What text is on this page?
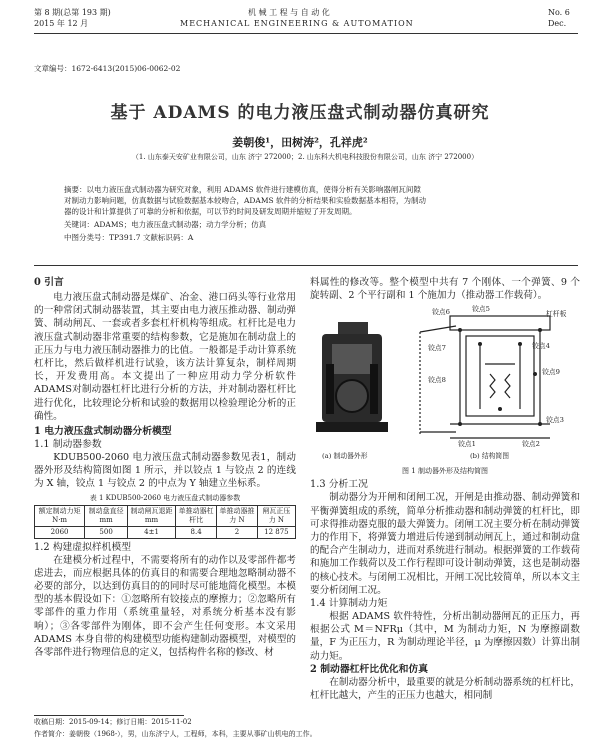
第 8 期(总第 193 期)
2015 年 12 月
机 械 工 程 与 自 动 化
MECHANICAL ENGINEERING & AUTOMATION
No. 6
Dec.
文章编号：1672-6413(2015)06-0062-02
基于 ADAMS 的电力液压盘式制动器仿真研究
姜朝俊¹，田树涛²，孔祥虎²
（1. 山东泰天安矿业有限公司，山东 济宁 272000；2. 山东科大机电科技股份有限公司，山东 济宁 272000）
摘要：以电力液压盘式制动器为研究对象，利用 ADAMS 软件进行建模仿真，使得分析有关影响器闸瓦间隙
对制动力影响问题，仿真数据与试验数据基本较吻合，ADAMS 软件的分析结果和实验数据基本相符，为制动
器的设计和计算提供了可靠的分析和依据，可以节约时间及研发周期并缩短了开发周期。
关键词：ADAMS；电力液压盘式制动器；动力学分析；仿真
中图分类号：TP391.7 文献标识码：A
0 引言
电力液压盘式制动器是煤矿、冶金、港口码头等行业常用的一种常闭式制动器装置，其主要由电力液压推动器、制动弹簧、制动闸瓦、一套或者多套杠杆机构等组成。杠杆比是电力液压盘式制动器非常重要的结构参数，它是施加在制动盘上的正压力与电力液压制动器推力的比值。一般都是手动计算系统杠杆比，然后做样机进行试验，该方法计算复杂，制样周期长，开发费用高。本文提出了一种应用动力学分析软件ADAMS对制动器杠杆比进行分析的方法，并对制动器杠杆比进行优化，比较理论分析和试验的数据用以检验理论分析的正确性。
1 电力液压盘式制动器分析模型
1.1 制动器参数
KDUB500-2060 电力液压盘式制动器参数见表1，制动器外形及结构简图如图 1 所示，并以铰点 1 与铰点 2 的连线为 X 轴，铰点 1 与铰点 2 的中点为 Y 轴建立坐标系。
表 1 KDUB500-2060 电力液压盘式制动器参数
额定制动力矩 N·m	制动盘直径 mm	制动闸瓦退距 mm	单推动器杠杆比	单推动器推力 N	闸瓦正压力 N
2060	500	4±1	8.4	2	12 875
1.2 构建虚拟样机模型
在建模分析过程中，不需要将所有的动作以及零部件都考虑进去，而应根据具体的仿真目的和需要合理地忽略制动器不必要的部分，以达到仿真目的的同时尽可能地简化模型。本模型的基本假设如下：①忽略所有铰接点的摩擦力；②忽略所有零部件的重力作用（系统重量轻，对系统分析基本没有影响）；③各零部件为刚体，即不会产生任何变形。本文采用 ADAMS 本身自带的构建模型功能构建制动器模型，对模型的各零部件进行物理信息的定义，包括构件名称的修改、材
料属性的修改等。整个模型中共有 7 个刚体、一个弹簧、9 个旋转副、2 个平行副和 1 个施加力（推动器工作载荷）。
铰点5
杠杆板
铰点6
铰点4
铰点7
铰点8
铰点9
铰点3
铰点2
铰点1
(a) 制动器外形	(b) 结构简图
图 1 制动器外形及结构简图
1.3 分析工况
制动器分为开闸和闭闸工况，开闸是由推动器、制动弹簧和平衡弹簧组成的系统，简单分析推动器和制动弹簧的杠杆比，即可求得推动器克服的最大弹簧力。闭闸工况主要分析在制动弹簧力的作用下，将弹簧力增进后传递到制动闸瓦上，通过和制动盘的配合产生制动力，进而对系统进行制动。根据弹簧的工作载荷和施加工作载荷以及工作行程即可设计制动弹簧，这也是制动器的核心技术。与闭闸工况相比，开闸工况比较简单，所以本文主要分析闭闸工况。
1.4 计算制动力矩
根据 ADAMS 软件特性，分析出制动器闸瓦的正压力，再根据公式 M＝NFRμ（其中，M 为制动力矩，N 为摩擦副数量，F 为正压力，R 为制动理论半径，μ 为摩擦因数）计算出制动力矩。
2 制动器杠杆比优化和仿真
在制动器分析中，最重要的就是分析制动器系统的杠杆比，杠杆比越大，产生的正压力也越大，相同制
收稿日期：2015-09-14；修订日期：2015-11-02
作者简介：姜朝俊（1968-），男，山东济宁人，工程师，本科，主要从事矿山机电的工作。
